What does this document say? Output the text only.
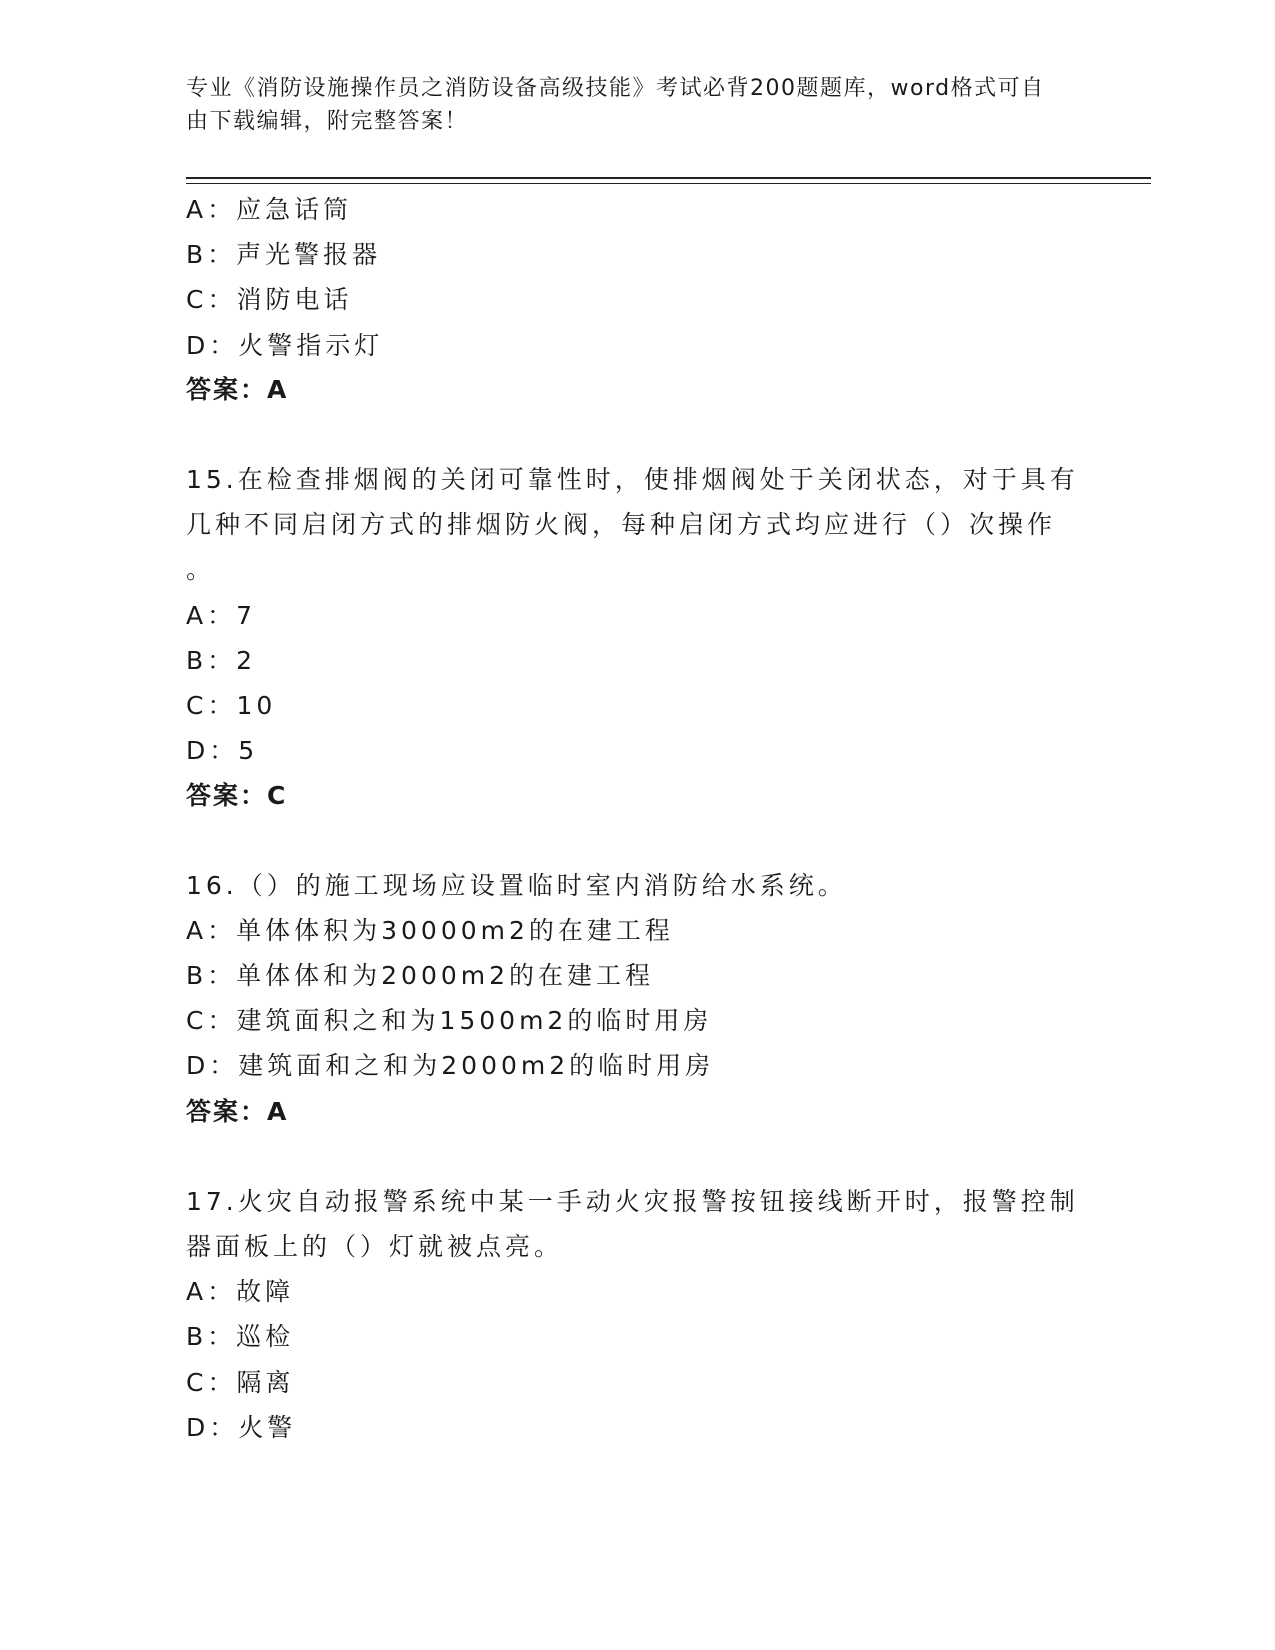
专业《消防设施操作员之消防设备高级技能》考试必背200题题库，word格式可自由下载编辑，附完整答案！
A：应急话筒
B：声光警报器
C：消防电话
D：火警指示灯
答案：A
15.在检查排烟阀的关闭可靠性时，使排烟阀处于关闭状态，对于具有
几种不同启闭方式的排烟防火阀，每种启闭方式均应进行（）次操作
。
A：7
B：2
C：10
D：5
答案：C
16.（）的施工现场应设置临时室内消防给水系统。
A：单体体积为30000m2的在建工程
B：单体体和为2000m2的在建工程
C：建筑面积之和为1500m2的临时用房
D：建筑面和之和为2000m2的临时用房
答案：A
17.火灾自动报警系统中某一手动火灾报警按钮接线断开时，报警控制
器面板上的（）灯就被点亮。
A：故障
B：巡检
C：隔离
D：火警
